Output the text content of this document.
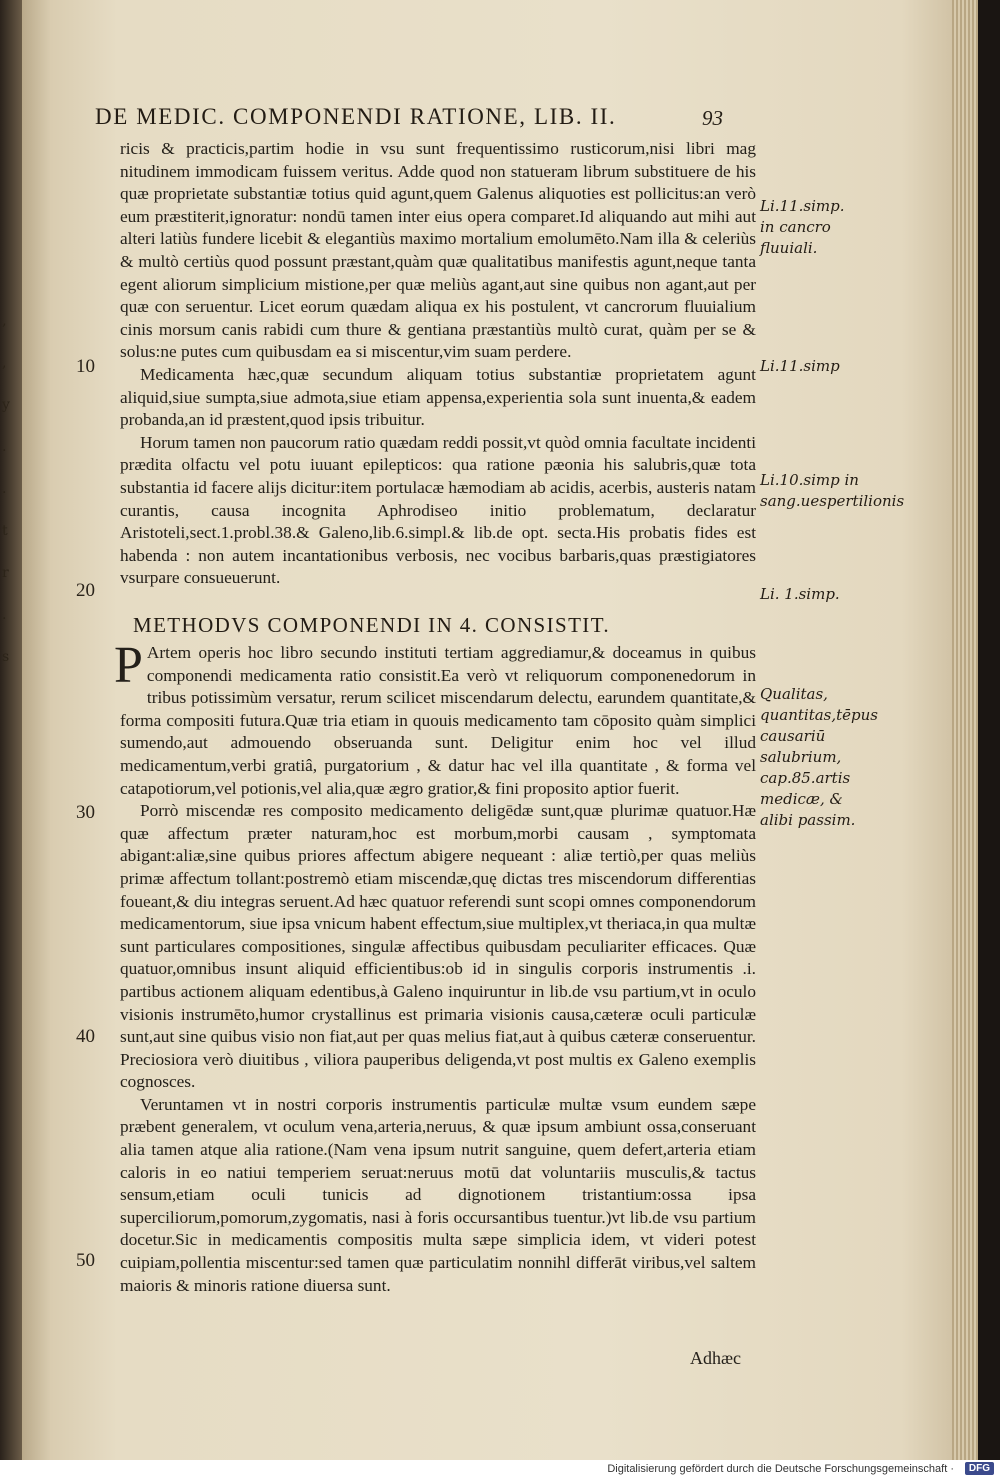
‚
,
y
.
.
t
r
.
s
DE MEDIC. COMPONENDI RATIONE, LIB. II.	93

ricis & practicis,partim hodie in vsu sunt frequentissimo rusticorum,nisi libri mag nitudinem immodicam fuissem veritus. Adde quod non statueram librum substituere de his quæ proprietate substantiæ totius quid agunt,quem Galenus aliquoties est pollicitus:an verò eum præstiterit,ignoratur: nondū tamen inter eius opera comparet.Id aliquando aut mihi aut alteri latiùs fundere licebit & elegantiùs maximo mortalium emolumēto.Nam illa & celeriùs & multò certiùs quod possunt præstant,quàm quæ qualitatibus manifestis agunt,neque tanta egent aliorum simplicium mistione,per quæ meliùs agant,aut sine quibus non agant,aut per quæ con seruentur. Licet eorum quædam aliqua ex his postulent, vt cancrorum fluuialium cinis morsum canis rabidi cum thure & gentiana præstantiùs multò curat, quàm per se & solus:ne putes cum quibusdam ea si miscentur,vim suam perdere.

Medicamenta hæc,quæ secundum aliquam totius substantiæ proprietatem agunt aliquid,siue sumpta,siue admota,siue etiam appensa,experientia sola sunt inuenta,& eadem probanda,an id præstent,quod ipsis tribuitur.

Horum tamen non paucorum ratio quædam reddi possit,vt quòd omnia facultate incidenti prædita olfactu vel potu iuuant epilepticos: qua ratione pæonia his salubris,quæ tota substantia id facere alijs dicitur:item portulacæ hæmodiam ab acidis, acerbis, austeris natam curantis, causa incognita Aphrodiseo initio problematum, declaratur Aristoteli,sect.1.probl.38.& Galeno,lib.6.simpl.& lib.de opt. secta.His probatis fides est habenda : non autem incantationibus verbosis, nec vocibus barbaris,quas præstigiatores vsurpare consueuerunt.

METHODVS COMPONENDI IN 4. CONSISTIT.

P Artem operis hoc libro secundo instituti tertiam aggrediamur,& doceamus in quibus componendi medicamenta ratio consistit.Ea verò vt reliquorum componenedorum in tribus potissimùm versatur, rerum scilicet miscendarum delectu, earundem quantitate,& forma compositi futura.Quæ tria etiam in quouis medicamento tam cōposito quàm simplici sumendo,aut admouendo obseruanda sunt. Deligitur enim hoc vel illud medicamentum,verbi gratiâ, purgatorium , & datur hac vel illa quantitate , & forma vel catapotiorum,vel potionis,vel alia,quæ ægro gratior,& fini proposito aptior fuerit.

Porrò miscendæ res composito medicamento deligēdæ sunt,quæ plurimæ quatuor.Hæ quæ affectum præter naturam,hoc est morbum,morbi causam , symptomata abigant:aliæ,sine quibus priores affectum abigere nequeant : aliæ tertiò,per quas meliùs primæ affectum tollant:postremò etiam miscendæ,quę dictas tres miscendorum differentias foueant,& diu integras seruent.Ad hæc quatuor referendi sunt scopi omnes componendorum medicamentorum, siue ipsa vnicum habent effectum,siue multiplex,vt theriaca,in qua multæ sunt particulares compositiones, singulæ affectibus quibusdam peculiariter efficaces. Quæ quatuor,omnibus insunt aliquid efficientibus:ob id in singulis corporis instrumentis .i. partibus actionem aliquam edentibus,à Galeno inquiruntur in lib.de vsu partium,vt in oculo visionis instrumēto,humor crystallinus est primaria visionis causa,cæteræ oculi particulæ sunt,aut sine quibus visio non fiat,aut per quas melius fiat,aut à quibus cæteræ conseruentur. Preciosiora verò diuitibus , viliora pauperibus deligenda,vt post multis ex Galeno exemplis cognosces.

Veruntamen vt in nostri corporis instrumentis particulæ multæ vsum eundem sæpe præbent generalem, vt oculum vena,arteria,neruus, & quæ ipsum ambiunt ossa,conseruant alia tamen atque alia ratione.(Nam vena ipsum nutrit sanguine, quem defert,arteria etiam caloris in eo natiui temperiem seruat:neruus motū dat voluntariis musculis,& tactus sensum,etiam oculi tunicis ad dignotionem tristantium:ossa ipsa superciliorum,pomorum,zygomatis, nasi à foris occursantibus tuentur.)vt lib.de vsu partium docetur.Sic in medicamentis compositis multa sæpe simplicia idem, vt videri potest cuipiam,pollentia miscentur:sed tamen quæ particulatim nonnihl differāt viribus,vel saltem maioris & minoris ratione diuersa sunt.

10
20
30
40
50
Li.11.simp. in cancro fluuiali.
Li.11.simp
Li.10.simp in sang.uespertilionis
Li. 1.simp.
Qualitas, quantitas,tēpus causariū salubrium, cap.85.artis medicæ, & alibi passim.
Adhæc
Digitalisierung gefördert durch die Deutsche Forschungsgemeinschaft ·	DFG
